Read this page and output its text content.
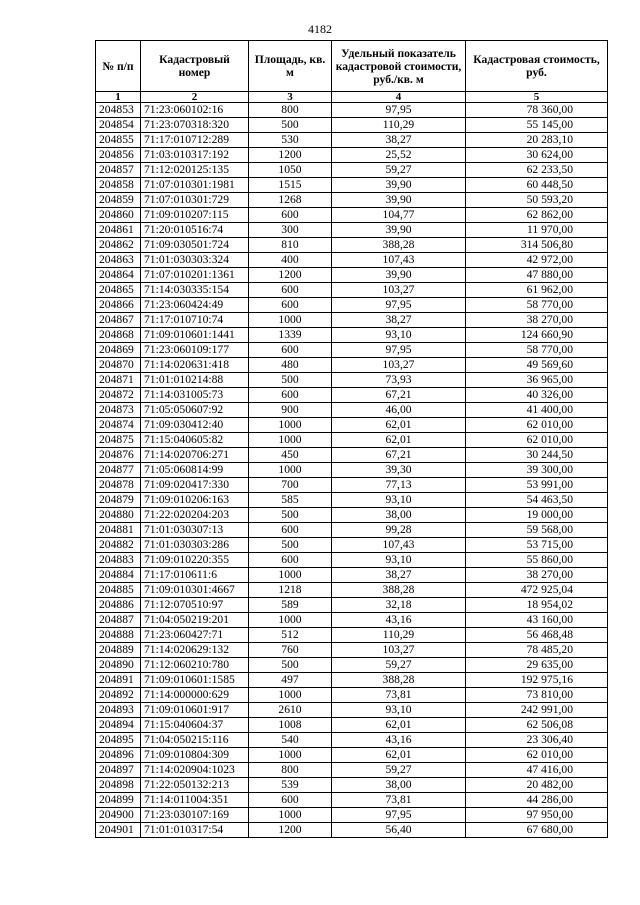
4182
№ п/п	Кадастровый номер	Площадь, кв. м	Удельный показатель кадастровой стоимости, руб./кв. м	Кадастровая стоимость, руб.
1	2	3	4	5
204853	71:23:060102:16	800	97,95	78 360,00
204854	71:23:070318:320	500	110,29	55 145,00
204855	71:17:010712:289	530	38,27	20 283,10
204856	71:03:010317:192	1200	25,52	30 624,00
204857	71:12:020125:135	1050	59,27	62 233,50
204858	71:07:010301:1981	1515	39,90	60 448,50
204859	71:07:010301:729	1268	39,90	50 593,20
204860	71:09:010207:115	600	104,77	62 862,00
204861	71:20:010516:74	300	39,90	11 970,00
204862	71:09:030501:724	810	388,28	314 506,80
204863	71:01:030303:324	400	107,43	42 972,00
204864	71:07:010201:1361	1200	39,90	47 880,00
204865	71:14:030335:154	600	103,27	61 962,00
204866	71:23:060424:49	600	97,95	58 770,00
204867	71:17:010710:74	1000	38,27	38 270,00
204868	71:09:010601:1441	1339	93,10	124 660,90
204869	71:23:060109:177	600	97,95	58 770,00
204870	71:14:020631:418	480	103,27	49 569,60
204871	71:01:010214:88	500	73,93	36 965,00
204872	71:14:031005:73	600	67,21	40 326,00
204873	71:05:050607:92	900	46,00	41 400,00
204874	71:09:030412:40	1000	62,01	62 010,00
204875	71:15:040605:82	1000	62,01	62 010,00
204876	71:14:020706:271	450	67,21	30 244,50
204877	71:05:060814:99	1000	39,30	39 300,00
204878	71:09:020417:330	700	77,13	53 991,00
204879	71:09:010206:163	585	93,10	54 463,50
204880	71:22:020204:203	500	38,00	19 000,00
204881	71:01:030307:13	600	99,28	59 568,00
204882	71:01:030303:286	500	107,43	53 715,00
204883	71:09:010220:355	600	93,10	55 860,00
204884	71:17:010611:6	1000	38,27	38 270,00
204885	71:09:010301:4667	1218	388,28	472 925,04
204886	71:12:070510:97	589	32,18	18 954,02
204887	71:04:050219:201	1000	43,16	43 160,00
204888	71:23:060427:71	512	110,29	56 468,48
204889	71:14:020629:132	760	103,27	78 485,20
204890	71:12:060210:780	500	59,27	29 635,00
204891	71:09:010601:1585	497	388,28	192 975,16
204892	71:14:000000:629	1000	73,81	73 810,00
204893	71:09:010601:917	2610	93,10	242 991,00
204894	71:15:040604:37	1008	62,01	62 506,08
204895	71:04:050215:116	540	43,16	23 306,40
204896	71:09:010804:309	1000	62,01	62 010,00
204897	71:14:020904:1023	800	59,27	47 416,00
204898	71:22:050132:213	539	38,00	20 482,00
204899	71:14:011004:351	600	73,81	44 286,00
204900	71:23:030107:169	1000	97,95	97 950,00
204901	71:01:010317:54	1200	56,40	67 680,00
